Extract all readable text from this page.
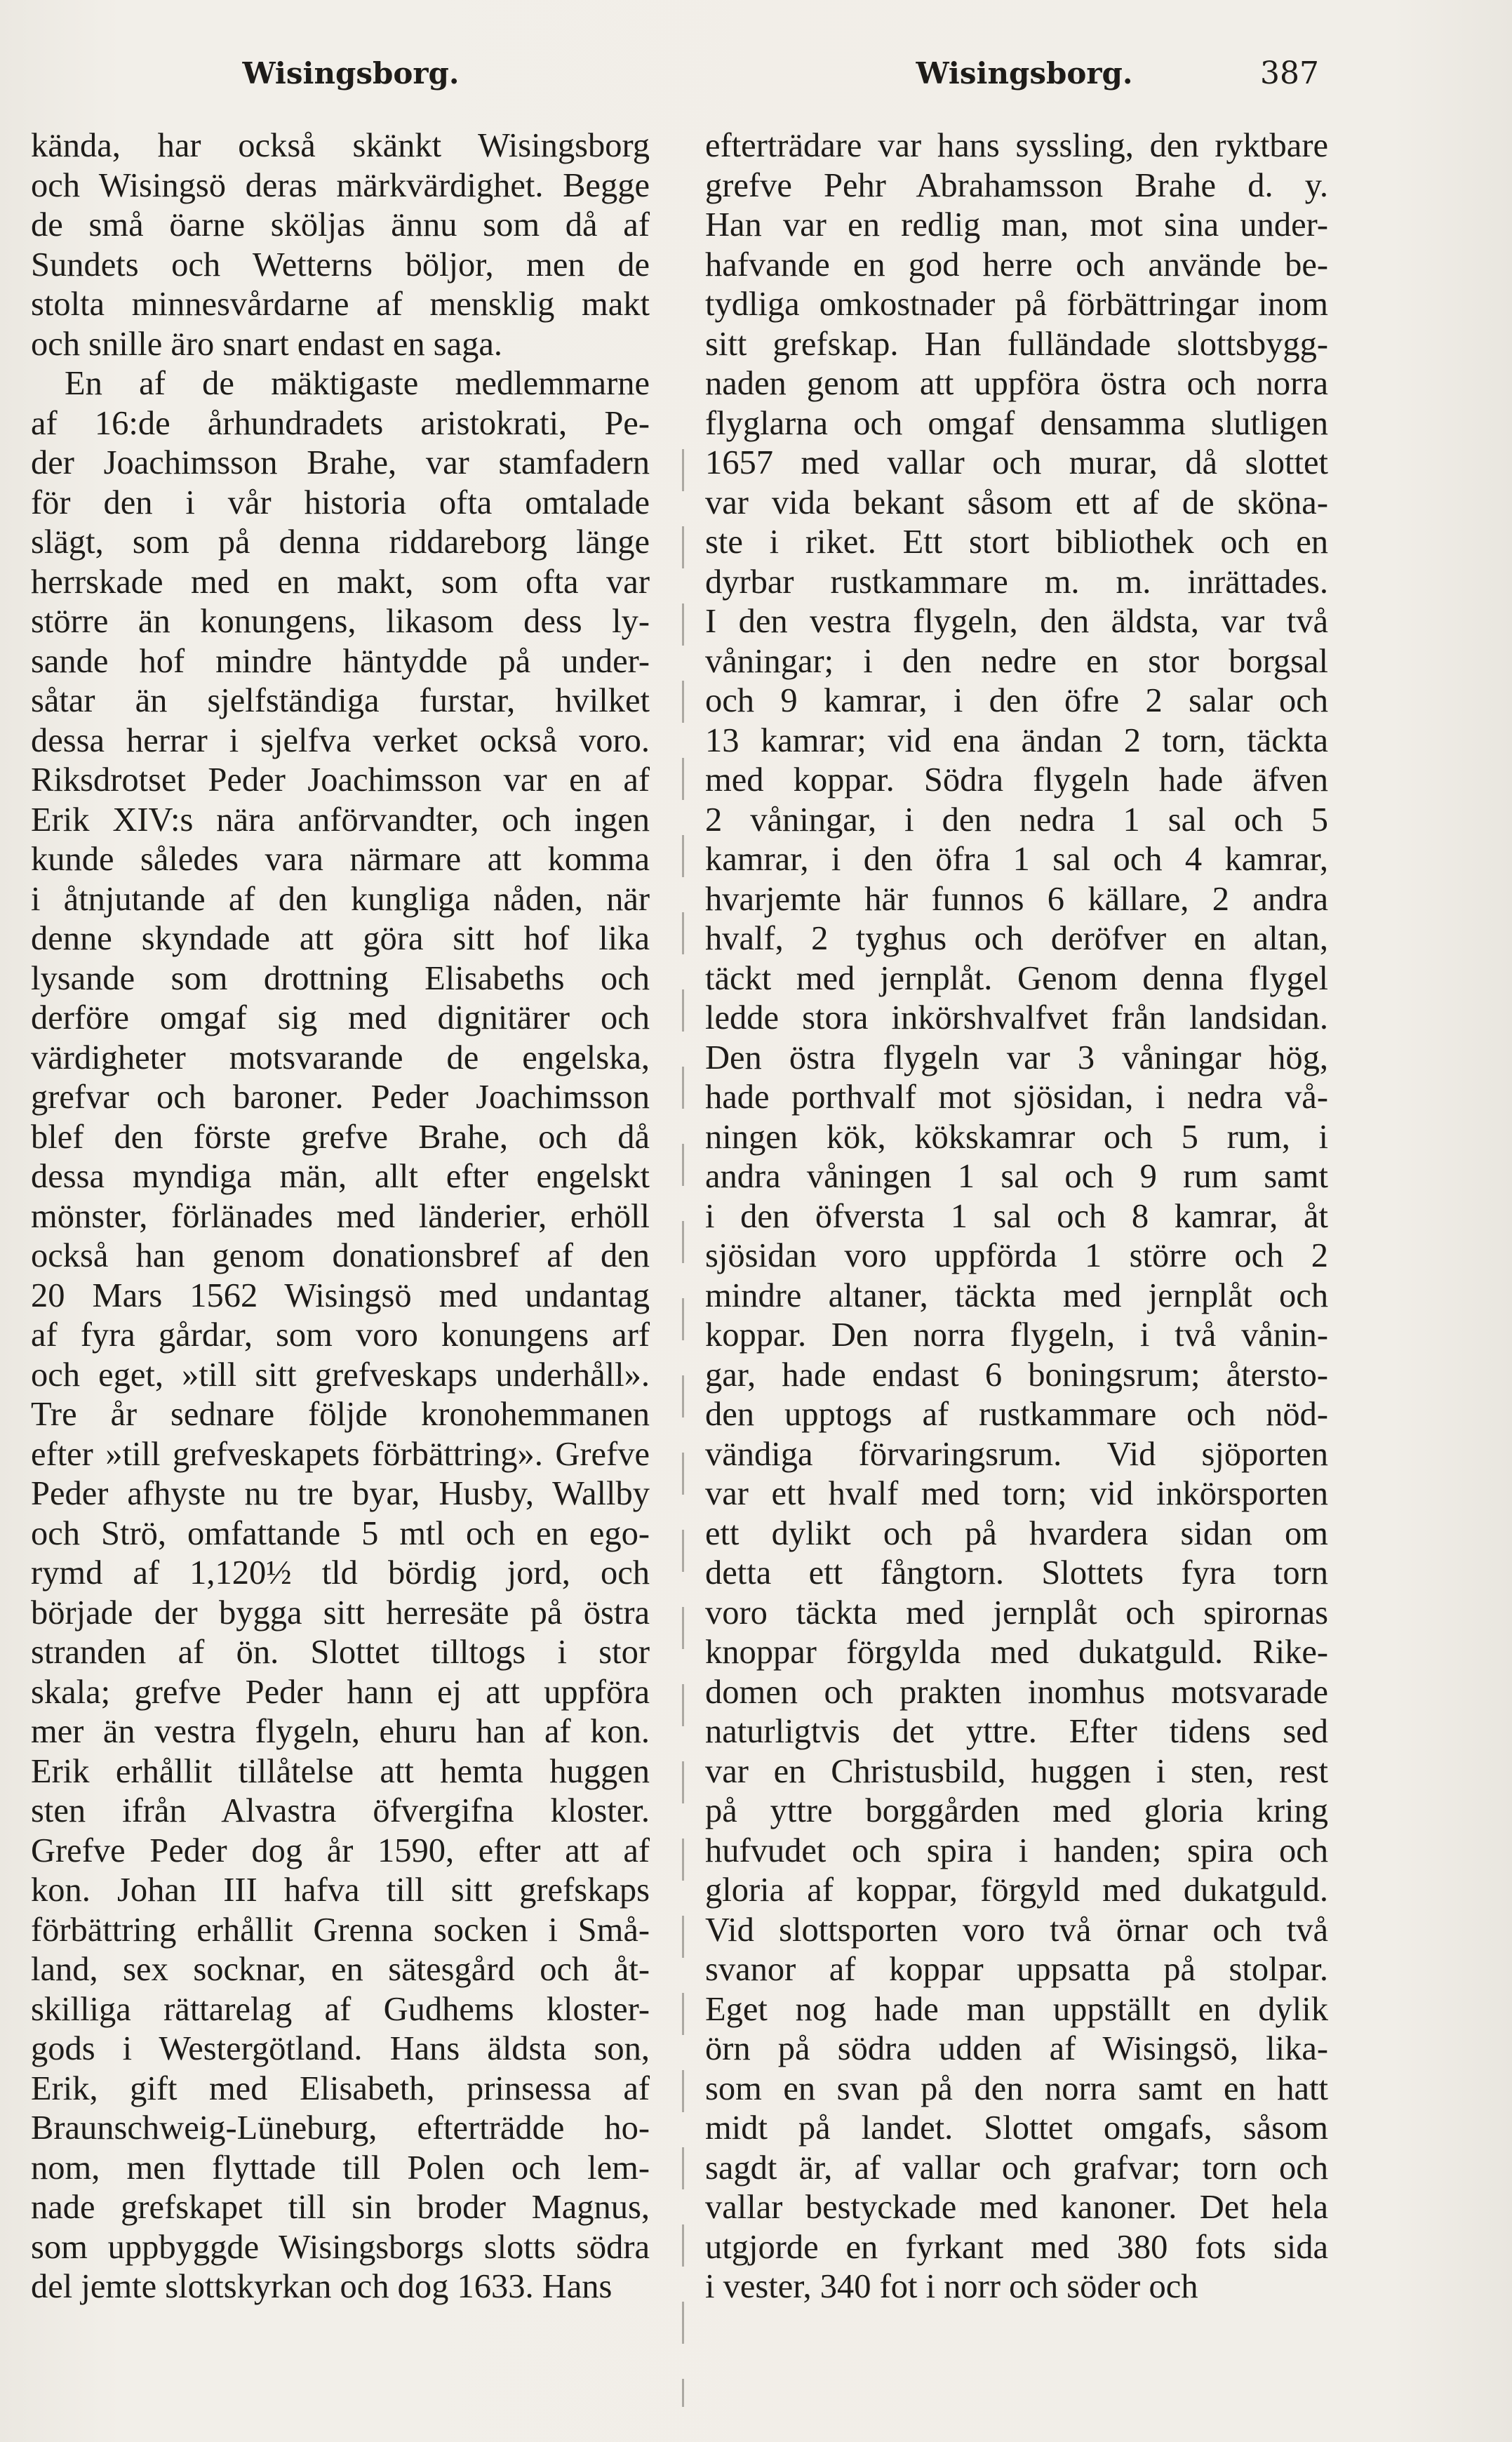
Wisingsborg.	Wisingsborg.	387
kända, har också skänkt Wisingsborg
och Wisingsö deras märkvärdighet. Begge
de små öarne sköljas ännu som då af
Sundets och Wetterns böljor, men de
stolta minnesvårdarne af mensklig makt
och snille äro snart endast en saga.
En af de mäktigaste medlemmarne
af 16:de århundradets aristokrati, Pe-
der Joachimsson Brahe, var stamfadern
för den i vår historia ofta omtalade
slägt, som på denna riddareborg länge
herrskade med en makt, som ofta var
större än konungens, likasom dess ly-
sande hof mindre häntydde på under-
såtar än sjelfständiga furstar, hvilket
dessa herrar i sjelfva verket också voro.
Riksdrotset Peder Joachimsson var en af
Erik XIV:s nära anförvandter, och ingen
kunde således vara närmare att komma
i åtnjutande af den kungliga nåden, när
denne skyndade att göra sitt hof lika
lysande som drottning Elisabeths och
derföre omgaf sig med dignitärer och
värdigheter motsvarande de engelska,
grefvar och baroner. Peder Joachimsson
blef den förste grefve Brahe, och då
dessa myndiga män, allt efter engelskt
mönster, förlänades med länderier, erhöll
också han genom donationsbref af den
20 Mars 1562 Wisingsö med undantag
af fyra gårdar, som voro konungens arf
och eget, »till sitt grefveskaps underhåll».
Tre år sednare följde kronohemmanen
efter »till grefveskapets förbättring». Grefve
Peder afhyste nu tre byar, Husby, Wallby
och Strö, omfattande 5 mtl och en ego-
rymd af 1,120½ tld bördig jord, och
började der bygga sitt herresäte på östra
stranden af ön. Slottet tilltogs i stor
skala; grefve Peder hann ej att uppföra
mer än vestra flygeln, ehuru han af kon.
Erik erhållit tillåtelse att hemta huggen
sten ifrån Alvastra öfvergifna kloster.
Grefve Peder dog år 1590, efter att af
kon. Johan III hafva till sitt grefskaps
förbättring erhållit Grenna socken i Små-
land, sex socknar, en sätesgård och åt-
skilliga rättarelag af Gudhems kloster-
gods i Westergötland. Hans äldsta son,
Erik, gift med Elisabeth, prinsessa af
Braunschweig-Lüneburg, efterträdde ho-
nom, men flyttade till Polen och lem-
nade grefskapet till sin broder Magnus,
som uppbyggde Wisingsborgs slotts södra
del jemte slottskyrkan och dog 1633. Hans
efterträdare var hans syssling, den ryktbare
grefve Pehr Abrahamsson Brahe d. y.
Han var en redlig man, mot sina under-
hafvande en god herre och använde be-
tydliga omkostnader på förbättringar inom
sitt grefskap. Han fulländade slottsbygg-
naden genom att uppföra östra och norra
flyglarna och omgaf densamma slutligen
1657 med vallar och murar, då slottet
var vida bekant såsom ett af de sköna-
ste i riket. Ett stort bibliothek och en
dyrbar rustkammare m. m. inrättades.
I den vestra flygeln, den äldsta, var två
våningar; i den nedre en stor borgsal
och 9 kamrar, i den öfre 2 salar och
13 kamrar; vid ena ändan 2 torn, täckta
med koppar. Södra flygeln hade äfven
2 våningar, i den nedra 1 sal och 5
kamrar, i den öfra 1 sal och 4 kamrar,
hvarjemte här funnos 6 källare, 2 andra
hvalf, 2 tyghus och deröfver en altan,
täckt med jernplåt. Genom denna flygel
ledde stora inkörshvalfvet från landsidan.
Den östra flygeln var 3 våningar hög,
hade porthvalf mot sjösidan, i nedra vå-
ningen kök, kökskamrar och 5 rum, i
andra våningen 1 sal och 9 rum samt
i den öfversta 1 sal och 8 kamrar, åt
sjösidan voro uppförda 1 större och 2
mindre altaner, täckta med jernplåt och
koppar. Den norra flygeln, i två vånin-
gar, hade endast 6 boningsrum; återsto-
den upptogs af rustkammare och nöd-
vändiga förvaringsrum. Vid sjöporten
var ett hvalf med torn; vid inkörsporten
ett dylikt och på hvardera sidan om
detta ett fångtorn. Slottets fyra torn
voro täckta med jernplåt och spirornas
knoppar förgylda med dukatguld. Rike-
domen och prakten inomhus motsvarade
naturligtvis det yttre. Efter tidens sed
var en Christusbild, huggen i sten, rest
på yttre borggården med gloria kring
hufvudet och spira i handen; spira och
gloria af koppar, förgyld med dukatguld.
Vid slottsporten voro två örnar och två
svanor af koppar uppsatta på stolpar.
Eget nog hade man uppställt en dylik
örn på södra udden af Wisingsö, lika-
som en svan på den norra samt en hatt
midt på landet. Slottet omgafs, såsom
sagdt är, af vallar och grafvar; torn och
vallar bestyckade med kanoner. Det hela
utgjorde en fyrkant med 380 fots sida
i vester, 340 fot i norr och söder och
